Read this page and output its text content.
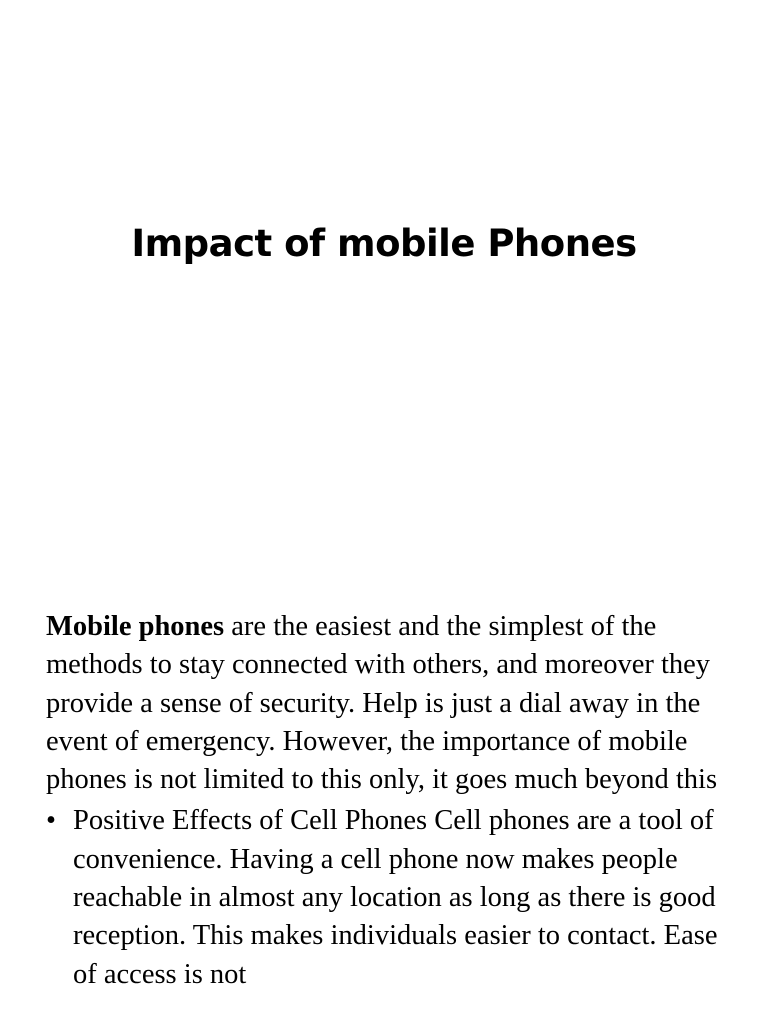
Impact of mobile Phones

Mobile phones are the easiest and the simplest of the methods to stay connected with others, and moreover they provide a sense of security. Help is just a dial away in the event of emergency. However, the importance of mobile phones is not limited to this only, it goes much beyond this

• Positive Effects of Cell Phones Cell phones are a tool of convenience. Having a cell phone now makes people reachable in almost any location as long as there is good reception. This makes individuals easier to contact. Ease of access is not
